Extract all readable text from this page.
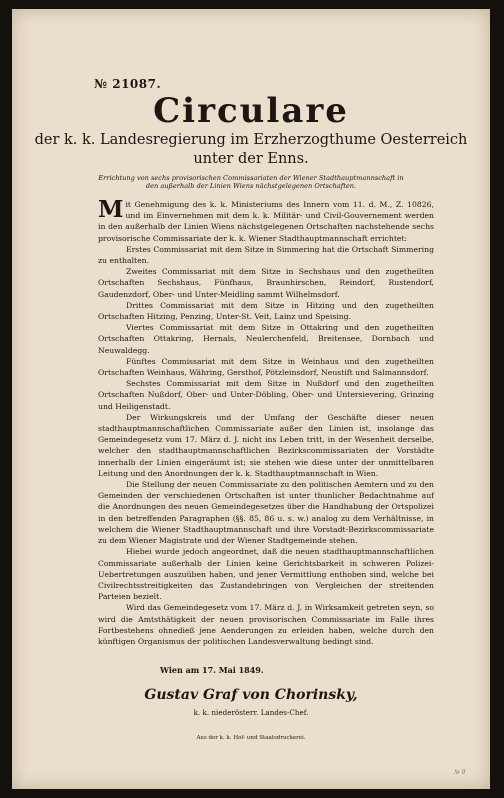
№ 21087.
Circulare
der k. k. Landesregierung im Erzherzogthume Oesterreich
unter der Enns.
Errichtung von sechs provisorischen Commissariaten der Wiener Stadthauptmannschaft in den außerhalb der Linien Wiens nächstgelegenen Ortschaften.

Mit Genehmigung des k. k. Ministeriums des Innern vom 11. d. M., Z. 10826, und im Einvernehmen mit dem k. k. Militär- und Civil-Gouvernement werden in den außerhalb der Linien Wiens nächstgelegenen Ortschaften nachstehende sechs provisorische Commissariate der k. k. Wiener Stadthauptmannschaft errichtet:

Erstes Commissariat mit dem Sitze in Simmering hat die Ortschaft Simmering zu enthalten.

Zweites Commissariat mit dem Sitze in Sechshaus und den zugetheilten Ortschaften Sechshaus, Fünfhaus, Braunhirschen, Reindorf, Rustendorf, Gaudenzdorf, Ober- und Unter-Meidling sammt Wilhelmsdorf.

Drittes Commissariat mit dem Sitze in Hitzing und den zugetheilten Ortschaften Hitzing, Penzing, Unter-St. Veit, Lainz und Speising.

Viertes Commissariat mit dem Sitze in Ottakring und den zugetheilten Ortschaften Ottakring, Hernals, Neulerchenfeld, Breitensee, Dornbach und Neuwaldegg.

Fünftes Commissariat mit dem Sitze in Weinhaus und den zugetheilten Ortschaften Weinhaus, Währing, Gersthof, Pötzleinsdorf, Neustift und Salmannsdorf.

Sechstes Commissariat mit dem Sitze in Nußdorf und den zugetheilten Ortschaften Nußdorf, Ober- und Unter-Döbling, Ober- und Untersievering, Grinzing und Heiligenstadt.

Der Wirkungskreis und der Umfang der Geschäfte dieser neuen stadthauptmannschaftlichen Commissariate außer den Linien ist, insolange das Gemeindegesetz vom 17. März d. J. nicht ins Leben tritt, in der Wesenheit derselbe, welcher den stadthauptmannschaftlichen Bezirkscommissariaten der Vorstädte innerhalb der Linien eingeräumt ist; sie stehen wie diese unter der unmittelbaren Leitung und den Anordnungen der k. k. Stadthauptmannschaft in Wien.

Die Stellung der neuen Commissariate zu den politischen Aemtern und zu den Gemeinden der verschiedenen Ortschaften ist unter thunlicher Bedachtnahme auf die Anordnungen des neuen Gemeindegesetzes über die Handhabung der Ortspolizei in den betreffenden Paragraphen (§§. 85, 86 u. s. w.) analog zu dem Verhältnisse, in welchem die Wiener Stadthauptmannschaft und ihre Vorstadt-Bezirkscommissariate zu dem Wiener Magistrate und der Wiener Stadtgemeinde stehen.

Hiebei wurde jedoch angeordnet, daß die neuen stadthauptmannschaftlichen Commissariate außerhalb der Linien keine Gerichtsbarkeit in schweren Polizei-Uebertretungen auszuüben haben, und jener Vermittlung enthoben sind, welche bei Civilrechtsstreitigkeiten das Zustandebringen von Vergleichen der streitenden Parteien bezielt.

Wird das Gemeindegesetz vom 17. März d. J. in Wirksamkeit getreten seyn, so wird die Amtsthätigkeit der neuen provisorischen Commissariate im Falle ihres Fortbestehens ohnedieß jene Aenderungen zu erleiden haben, welche durch den künftigen Organismus der politischen Landesverwaltung bedingt sind.

Wien am 17. Mai 1849.
Gustav Graf von Chorinsky,
k. k. niederösterr. Landes-Chef.
Aus der k. k. Hof- und Staatsdruckerei.
№ 9
